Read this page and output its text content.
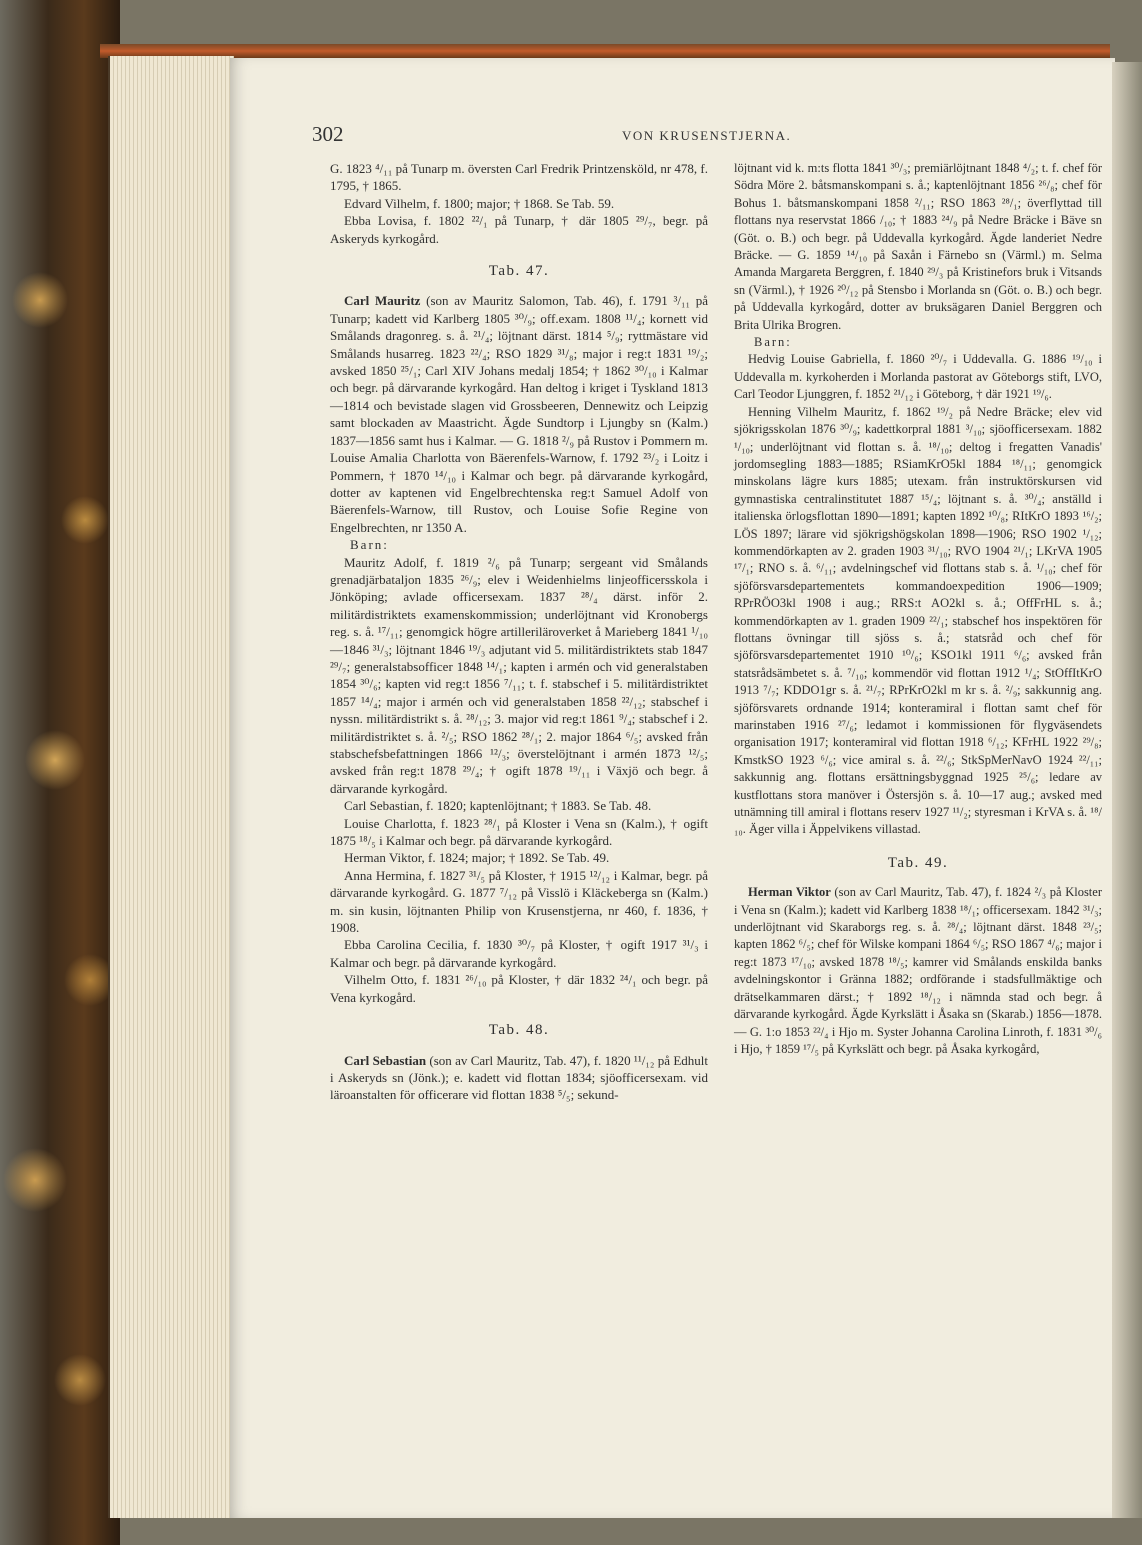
302	VON KRUSENSTJERNA.

G. 1823 ⁴/₁₁ på Tunarp m. översten Carl Fredrik Printzensköld, nr 478, f. 1795, † 1865.

Edvard Vilhelm, f. 1800; major; † 1868. Se Tab. 59.

Ebba Lovisa, f. 1802 ²²/₁ på Tunarp, † där 1805 ²⁹/₇, begr. på Askeryds kyrkogård.

Tab. 47.

Carl Mauritz (son av Mauritz Salomon, Tab. 46), f. 1791 ³/₁₁ på Tunarp; kadett vid Karlberg 1805 ³⁰/₉; off.exam. 1808 ¹¹/₄; kornett vid Smålands dragonreg. s. å. ²¹/₄; löjtnant därst. 1814 ⁵/₉; ryttmästare vid Smålands husarreg. 1823 ²²/₄; RSO 1829 ³¹/₈; major i reg:t 1831 ¹⁹/₂; avsked 1850 ²⁵/₁; Carl XIV Johans medalj 1854; † 1862 ³⁰/₁₀ i Kalmar och begr. på därvarande kyrkogård. Han deltog i kriget i Tyskland 1813—1814 och bevistade slagen vid Grossbeeren, Dennewitz och Leipzig samt blockaden av Maastricht. Ägde Sundtorp i Ljungby sn (Kalm.) 1837—1856 samt hus i Kalmar. — G. 1818 ²/₉ på Rustov i Pommern m. Louise Amalia Charlotta von Bäerenfels-Warnow, f. 1792 ²³/₂ i Loitz i Pommern, † 1870 ¹⁴/₁₀ i Kalmar och begr. på därvarande kyrkogård, dotter av kaptenen vid Engelbrechtenska reg:t Samuel Adolf von Bäerenfels-Warnow, till Rustov, och Louise Sofie Regine von Engelbrechten, nr 1350 A.

Barn:

Mauritz Adolf, f. 1819 ²/₆ på Tunarp; sergeant vid Smålands grenadjärbataljon 1835 ²⁶/₉; elev i Weidenhielms linjeofficersskola i Jönköping; avlade officersexam. 1837 ²⁸/₄ därst. inför 2. militärdistriktets examenskommission; underlöjtnant vid Kronobergs reg. s. å. ¹⁷/₁₁; genomgick högre artilleriläroverket å Marieberg 1841 ¹/₁₀—1846 ³¹/₃; löjtnant 1846 ¹⁹/₃ adjutant vid 5. militärdistriktets stab 1847 ²⁹/₇; generalstabsofficer 1848 ¹⁴/₁; kapten i armén och vid generalstaben 1854 ³⁰/₆; kapten vid reg:t 1856 ⁷/₁₁; t. f. stabschef i 5. militärdistriktet 1857 ¹⁴/₄; major i armén och vid generalstaben 1858 ²²/₁₂; stabschef i nyssn. militärdistrikt s. å. ²⁸/₁₂; 3. major vid reg:t 1861 ⁹/₄; stabschef i 2. militärdistriktet s. å. ²/₅; RSO 1862 ²⁸/₁; 2. major 1864 ⁶/₅; avsked från stabschefsbefattningen 1866 ¹²/₃; överstelöjtnant i armén 1873 ¹²/₅; avsked från reg:t 1878 ²⁹/₄; † ogift 1878 ¹⁹/₁₁ i Växjö och begr. å därvarande kyrkogård.

Carl Sebastian, f. 1820; kaptenlöjtnant; † 1883. Se Tab. 48.

Louise Charlotta, f. 1823 ²⁸/₁ på Kloster i Vena sn (Kalm.), † ogift 1875 ¹⁸/₅ i Kalmar och begr. på därvarande kyrkogård.

Herman Viktor, f. 1824; major; † 1892. Se Tab. 49.

Anna Hermina, f. 1827 ³¹/₅ på Kloster, † 1915 ¹²/₁₂ i Kalmar, begr. på därvarande kyrkogård. G. 1877 ⁷/₁₂ på Visslö i Kläckeberga sn (Kalm.) m. sin kusin, löjtnanten Philip von Krusenstjerna, nr 460, f. 1836, † 1908.

Ebba Carolina Cecilia, f. 1830 ³⁰/₇ på Kloster, † ogift 1917 ³¹/₃ i Kalmar och begr. på därvarande kyrkogård.

Vilhelm Otto, f. 1831 ²⁶/₁₀ på Kloster, † där 1832 ²⁴/₁ och begr. på Vena kyrkogård.

Tab. 48.

Carl Sebastian (son av Carl Mauritz, Tab. 47), f. 1820 ¹¹/₁₂ på Edhult i Askeryds sn (Jönk.); e. kadett vid flottan 1834; sjöofficersexam. vid läroanstalten för officerare vid flottan 1838 ⁵/₅; sekund-

löjtnant vid k. m:ts flotta 1841 ³⁰/₃; premiärlöjtnant 1848 ⁴/₂; t. f. chef för Södra Möre 2. båtsmanskompani s. å.; kaptenlöjtnant 1856 ²⁶/₈; chef för Bohus 1. båtsmanskompani 1858 ²/₁₁; RSO 1863 ²⁸/₁; överflyttad till flottans nya reservstat 1866 /₁₀; † 1883 ²⁴/₉ på Nedre Bräcke i Bäve sn (Göt. o. B.) och begr. på Uddevalla kyrkogård. Ägde landeriet Nedre Bräcke. — G. 1859 ¹⁴/₁₀ på Saxån i Färnebo sn (Värml.) m. Selma Amanda Margareta Berggren, f. 1840 ²⁹/₃ på Kristinefors bruk i Vitsands sn (Värml.), † 1926 ²⁰/₁₂ på Stensbo i Morlanda sn (Göt. o. B.) och begr. på Uddevalla kyrkogård, dotter av bruksägaren Daniel Berggren och Brita Ulrika Brogren.

Barn:

Hedvig Louise Gabriella, f. 1860 ²⁰/₇ i Uddevalla. G. 1886 ¹⁹/₁₀ i Uddevalla m. kyrkoherden i Morlanda pastorat av Göteborgs stift, LVO, Carl Teodor Ljunggren, f. 1852 ²¹/₁₂ i Göteborg, † där 1921 ¹⁹/₆.

Henning Vilhelm Mauritz, f. 1862 ¹⁹/₂ på Nedre Bräcke; elev vid sjökrigsskolan 1876 ³⁰/₉; kadettkorpral 1881 ³/₁₀; sjöofficersexam. 1882 ¹/₁₀; underlöjtnant vid flottan s. å. ¹⁸/₁₀; deltog i fregatten Vanadis' jordomsegling 1883—1885; RSiamKrO5kl 1884 ¹⁸/₁₁; genomgick minskolans lägre kurs 1885; utexam. från instruktörskursen vid gymnastiska centralinstitutet 1887 ¹⁵/₄; löjtnant s. å. ³⁰/₄; anställd i italienska örlogsflottan 1890—1891; kapten 1892 ¹⁰/₈; RItKrO 1893 ¹⁶/₂; LÖS 1897; lärare vid sjökrigshögskolan 1898—1906; RSO 1902 ¹/₁₂; kommendörkapten av 2. graden 1903 ³¹/₁₀; RVO 1904 ²¹/₁; LKrVA 1905 ¹⁷/₁; RNO s. å. ⁶/₁₁; avdelningschef vid flottans stab s. å. ¹/₁₀; chef för sjöförsvarsdepartementets kommandoexpedition 1906—1909; RPrRÖO3kl 1908 i aug.; RRS:t AO2kl s. å.; OffFrHL s. å.; kommendörkapten av 1. graden 1909 ²²/₁; stabschef hos inspektören för flottans övningar till sjöss s. å.; statsråd och chef för sjöförsvarsdepartementet 1910 ¹⁰/₆; KSO1kl 1911 ⁶/₆; avsked från statsrådsämbetet s. å. ⁷/₁₀; kommendör vid flottan 1912 ¹/₄; StOffItKrO 1913 ⁷/₇; KDDO1gr s. å. ²¹/₇; RPrKrO2kl m kr s. å. ²/₉; sakkunnig ang. sjöförsvarets ordnande 1914; konteramiral i flottan samt chef för marinstaben 1916 ²⁷/₆; ledamot i kommissionen för flygväsendets organisation 1917; konteramiral vid flottan 1918 ⁶/₁₂; KFrHL 1922 ²⁹/₈; KmstkSO 1923 ⁶/₆; vice amiral s. å. ²²/₆; StkSpMerNavO 1924 ²²/₁₁; sakkunnig ang. flottans ersättningsbyggnad 1925 ²⁵/₆; ledare av kustflottans stora manöver i Östersjön s. å. 10—17 aug.; avsked med utnämning till amiral i flottans reserv 1927 ¹¹/₂; styresman i KrVA s. å. ¹⁸/₁₀. Äger villa i Äppelvikens villastad.

Tab. 49.

Herman Viktor (son av Carl Mauritz, Tab. 47), f. 1824 ²/₃ på Kloster i Vena sn (Kalm.); kadett vid Karlberg 1838 ¹⁸/₁; officersexam. 1842 ³¹/₃; underlöjtnant vid Skaraborgs reg. s. å. ²⁸/₄; löjtnant därst. 1848 ²³/₅; kapten 1862 ⁶/₅; chef för Wilske kompani 1864 ⁶/₅; RSO 1867 ⁴/₆; major i reg:t 1873 ¹⁷/₁₀; avsked 1878 ¹⁸/₅; kamrer vid Smålands enskilda banks avdelningskontor i Gränna 1882; ordförande i stadsfullmäktige och drätselkammaren därst.; † 1892 ¹⁸/₁₂ i nämnda stad och begr. å därvarande kyrkogård. Ägde Kyrkslätt i Åsaka sn (Skarab.) 1856—1878. — G. 1:o 1853 ²²/₄ i Hjo m. Syster Johanna Carolina Linroth, f. 1831 ³⁰/₆ i Hjo, † 1859 ¹⁷/₅ på Kyrkslätt och begr. på Åsaka kyrkogård,
